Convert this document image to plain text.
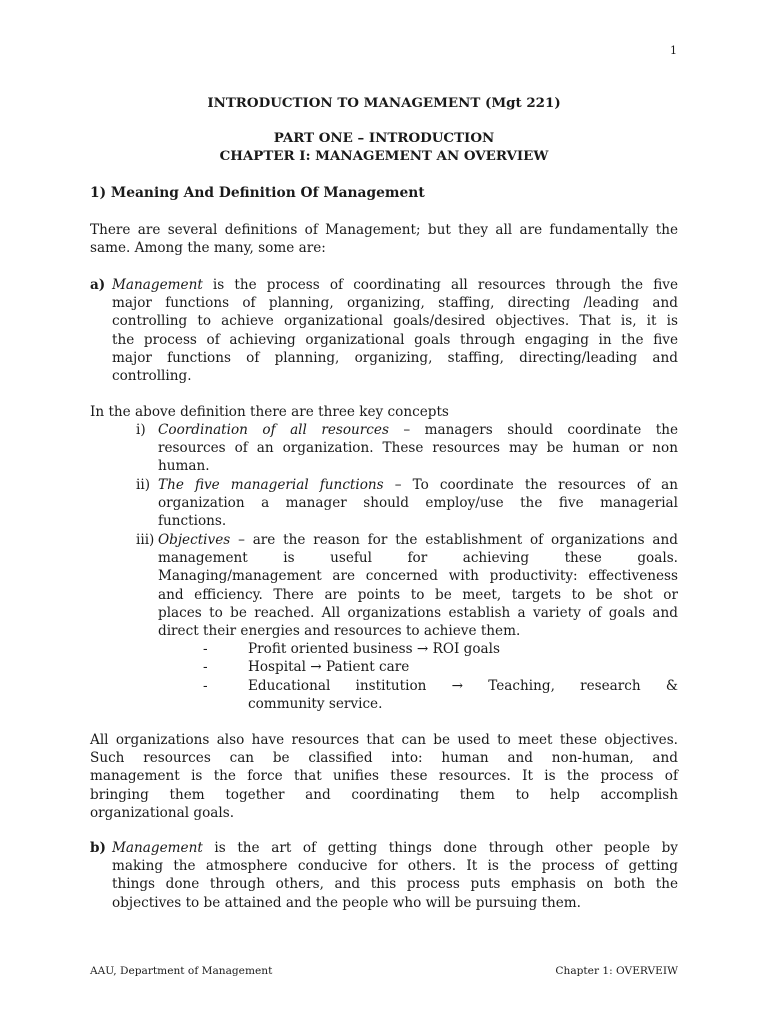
1
INTRODUCTION TO MANAGEMENT (Mgt 221)
PART ONE – INTRODUCTION
CHAPTER I: MANAGEMENT AN OVERVIEW
1) Meaning And Definition Of Management
There are several definitions of Management; but they all are fundamentally the
same. Among the many, some are:
a) Management is the process of coordinating all resources through the five
major functions of planning, organizing, staffing, directing /leading and
controlling to achieve organizational goals/desired objectives. That is, it is
the process of achieving organizational goals through engaging in the five
major functions of planning, organizing, staffing, directing/leading and
controlling.
In the above definition there are three key concepts
i) Coordination of all resources – managers should coordinate the
resources of an organization. These resources may be human or non
human.
ii) The five managerial functions – To coordinate the resources of an
organization a manager should employ/use the five managerial
functions.
iii) Objectives – are the reason for the establishment of organizations and
management is useful for achieving these goals.
Managing/management are concerned with productivity: effectiveness
and efficiency. There are points to be meet, targets to be shot or
places to be reached. All organizations establish a variety of goals and
direct their energies and resources to achieve them.
-	Profit oriented business → ROI goals
-	Hospital → Patient care
-	Educational institution → Teaching, research &
community service.
All organizations also have resources that can be used to meet these objectives.
Such resources can be classified into: human and non-human, and
management is the force that unifies these resources. It is the process of
bringing them together and coordinating them to help accomplish
organizational goals.
b) Management is the art of getting things done through other people by
making the atmosphere conducive for others. It is the process of getting
things done through others, and this process puts emphasis on both the
objectives to be attained and the people who will be pursuing them.
AAU, Department of Management	Chapter 1: OVERVEIW
